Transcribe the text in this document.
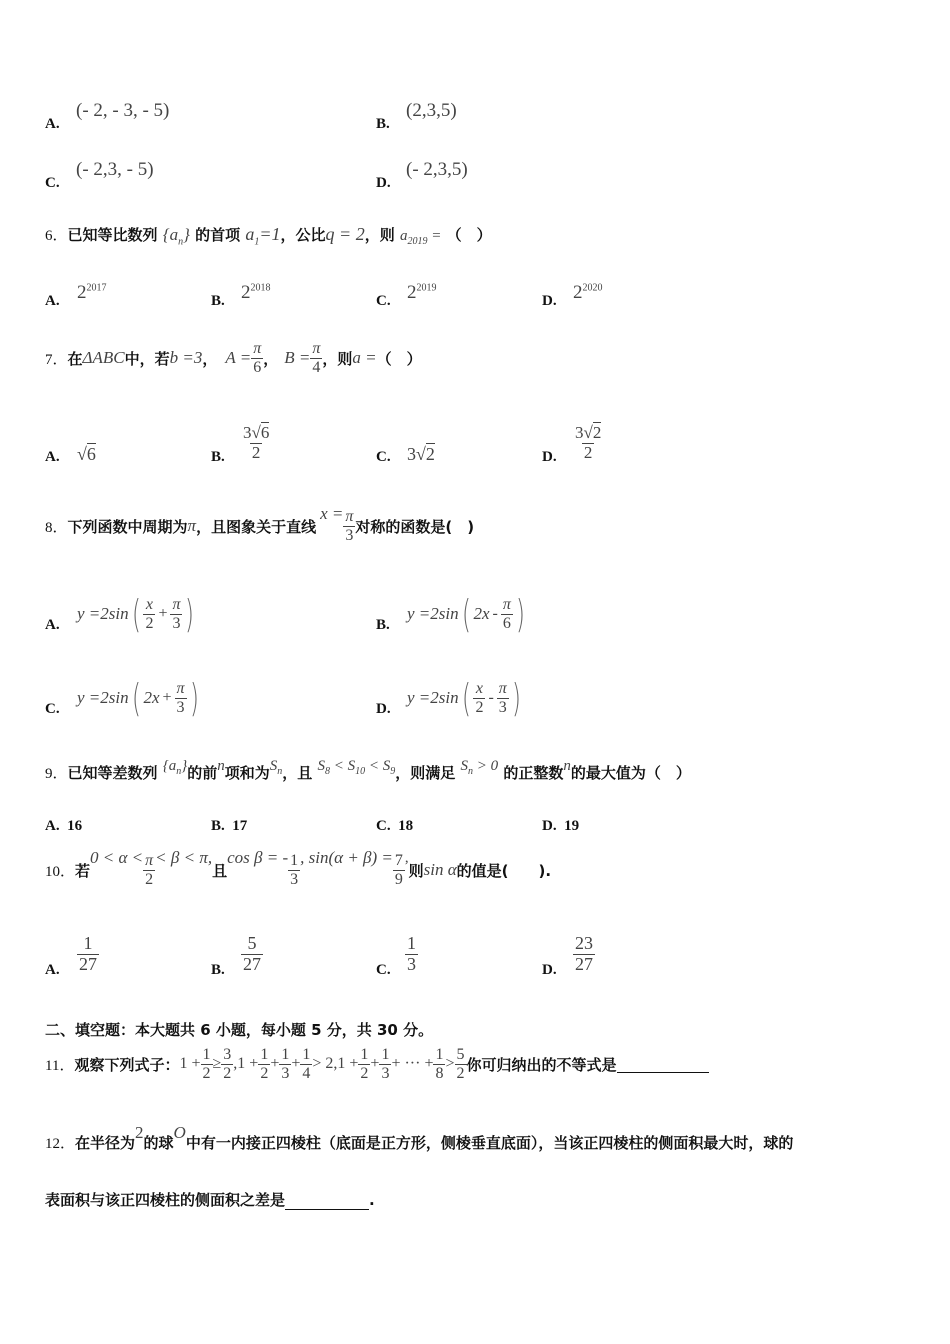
A.
(- 2, - 3, - 5)
B.
(2,3,5)
C.
(- 2,3, - 5)
D.
(- 2,3,5)
6．已知等比数列 $\{a_n\}$ 的首项 $a_1=1$，公比q = 2，则 $a_{2019}$ = （　）
A. $2^{2017}$
B. $2^{2018}$
C. $2^{2019}$
D. $2^{2020}$
7． 在 ΔABC 中，若 b =3 ， $A = \frac{\pi}{6}$ ， $B = \frac{\pi}{4}$ ，则 a = （　）
A. √6	B. $\frac{3√6}{2}$	C. 3√2	D. $\frac{3√2}{2}$
8． 下列函数中周期为 π ，且图象关于直线
$x = \frac{\pi}{3}$ 对称的函数是(　)
A.
y =2sin ( $\frac{x}{2} + \frac{\pi}{3}$ )	B.
y =2sin ( $2x - \frac{\pi}{6}$ )
C.
y =2sin ( $2x + \frac{\pi}{3}$ )	D.
y =2sin ( $\frac{x}{2} - \frac{\pi}{3}$ )
9．已知等差数列 $\{a_n\}$的前n项和为$S_n$，且 $S_8 < S_{10} < S_9$，则满足 $S_n > 0$ 的正整数n的最大值为（　）
A. 16	B. 17	C. 18	D. 19
10． 若
$0 < \alpha < \frac{\pi}{2} < \beta < \pi$,
且
cos β = - $\frac{1}{3}$ , $\sin(\alpha + \beta) = \frac{7}{9}$ ,
则 sin α 的值是(　　).
A. $\frac{1}{27}$	B. $\frac{5}{27}$	C. $\frac{1}{3}$	D. $\frac{23}{27}$
二、填空题：本大题共 6 小题，每小题 5 分，共 30 分。
11． 观察下列式子： $1 + \frac{1}{2} \ge \frac{3}{2} ,1 + \frac{1}{2} + \frac{1}{3} + \frac{1}{4} > 2,1 + \frac{1}{2} + \frac{1}{3}$ + ··· + $\frac{1}{8} > \frac{5}{2}$ 你可归纳出的不等式是
12．在半径为2的球O中有一内接正四棱柱（底面是正方形，侧棱垂直底面），当该正四棱柱的侧面积最大时，球的
表面积与该正四棱柱的侧面积之差是	.
